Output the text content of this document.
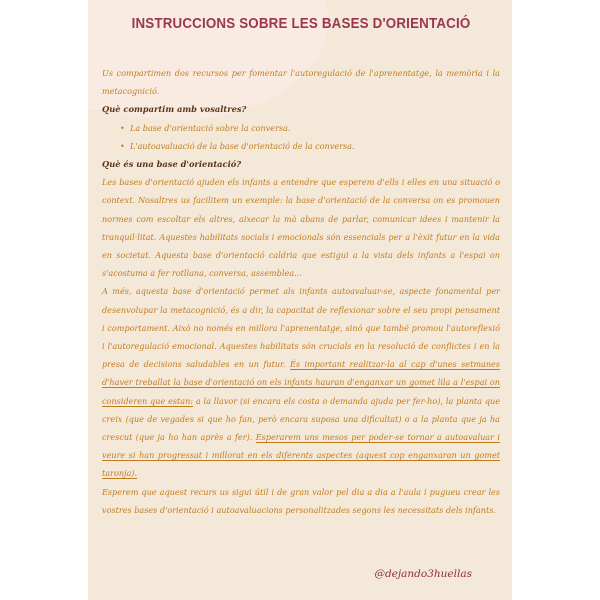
INSTRUCCIONS SOBRE LES BASES D'ORIENTACIÓ

Us compartimen dos recursos per fomentar l'autoregulació de l'aprenentatge, la memòria i la metacognició.

Què compartim amb vosaltres?

• La base d'orientació sobre la conversa.
• L'autoavaluació de la base d'orientació de la conversa.

Què és una base d'orientació?

Les bases d'orientació ajuden els infants a entendre que esperem d'ells i elles en una situació o context. Nosaltres us facilitem un exemple: la base d'orientació de la conversa on es promouen normes com escoltar els altres, aixecar la mà abans de parlar, comunicar idees i mantenir la tranquil·litat. Aquestes habilitats socials i emocionals són essencials per a l'èxit futur en la vida en societat. Aquesta base d'orientació caldria que estigui a la vista dels infants a l'espai on s'acostuma a fer rotllana, conversa, assemblea...

A més, aquesta base d'orientació permet als infants autoavaluar-se, aspecte fonamental per desenvolupar la metacognició, és a dir, la capacitat de reflexionar sobre el seu propi pensament i comportament. Això no només en millora l'aprenentatge, sinó que també promou l'autoreflexió i l'autoregulació emocional. Aquestes habilitats són crucials en la resolució de conflictes i en la presa de decisions saludables en un futur. És important realitzar-la al cap d'unes setmanes d'haver treballat la base d'orientació on els infants hauran d'enganxar un gomet lila a l'espai on consideren que estan: a la llavor (si encara els costa o demanda ajuda per fer-ho), la planta que creix (que de vegades si que ho fan, però encara suposa una dificultat) o a la planta que ja ha crescut (que ja ho han après a fer). Esperarem uns mesos per poder-se tornar a autoavaluar i veure si han progressat i millorat en els diferents aspectes (aquest cop enganxaran un gomet taronja).

Esperem que aquest recurs us sigui útil i de gran valor pel dia a dia a l'aula i pugueu crear les vostres bases d'orientació i autoavaluacions personalitzades segons les necessitats dels infants.

@dejando3huellas
